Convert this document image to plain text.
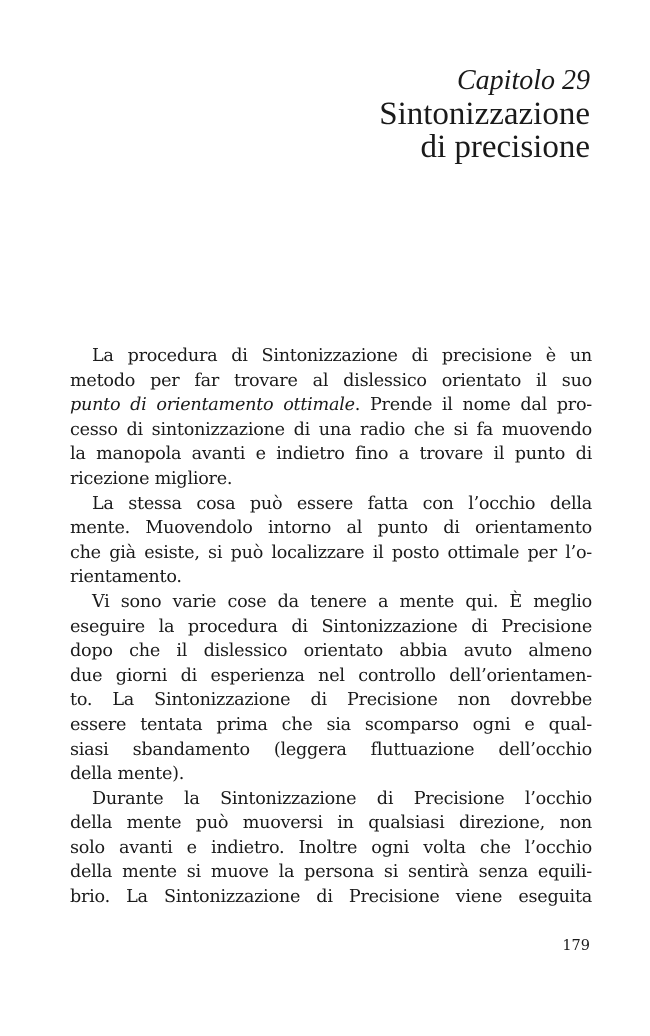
Capitolo 29
Sintonizzazione
di precisione

La procedura di Sintonizzazione di precisione è un
metodo per far trovare al dislessico orientato il suo
punto di orientamento ottimale. Prende il nome dal pro-
cesso di sintonizzazione di una radio che si fa muovendo
la manopola avanti e indietro fino a trovare il punto di
ricezione migliore.

La stessa cosa può essere fatta con l’occhio della
mente. Muovendolo intorno al punto di orientamento
che già esiste, si può localizzare il posto ottimale per l’o-
rientamento.

Vi sono varie cose da tenere a mente qui. È meglio
eseguire la procedura di Sintonizzazione di Precisione
dopo che il dislessico orientato abbia avuto almeno
due giorni di esperienza nel controllo dell’orientamen-
to. La Sintonizzazione di Precisione non dovrebbe
essere tentata prima che sia scomparso ogni e qual-
siasi sbandamento (leggera fluttuazione dell’occhio
della mente).

Durante la Sintonizzazione di Precisione l’occhio
della mente può muoversi in qualsiasi direzione, non
solo avanti e indietro. Inoltre ogni volta che l’occhio
della mente si muove la persona si sentirà senza equili-
brio. La Sintonizzazione di Precisione viene eseguita

179
